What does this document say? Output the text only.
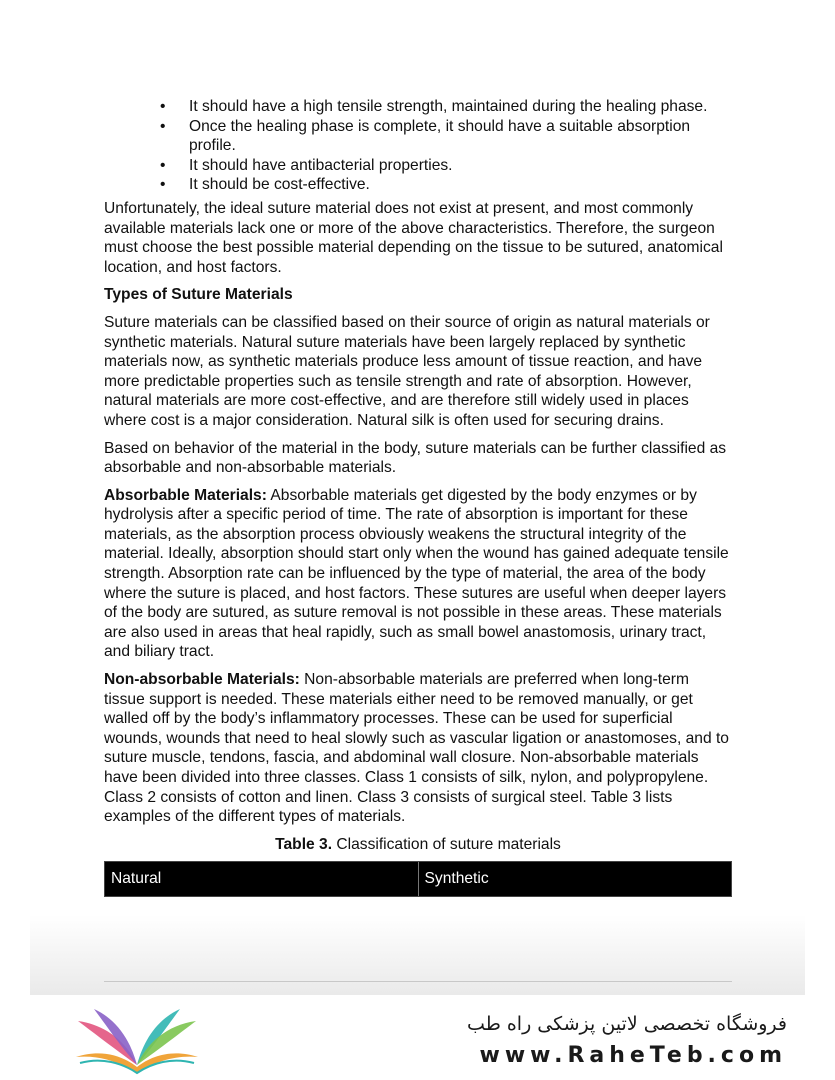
• It should have a high tensile strength, maintained during the healing phase.
• Once the healing phase is complete, it should have a suitable absorption profile.
• It should have antibacterial properties.
• It should be cost-effective.

Unfortunately, the ideal suture material does not exist at present, and most commonly available materials lack one or more of the above characteristics. Therefore, the surgeon must choose the best possible material depending on the tissue to be sutured, anatomical location, and host factors.

Types of Suture Materials

Suture materials can be classified based on their source of origin as natural materials or synthetic materials. Natural suture materials have been largely replaced by synthetic materials now, as synthetic materials produce less amount of tissue reaction, and have more predictable properties such as tensile strength and rate of absorption. However, natural materials are more cost-effective, and are therefore still widely used in places where cost is a major consideration. Natural silk is often used for securing drains.

Based on behavior of the material in the body, suture materials can be further classified as absorbable and non-absorbable materials.

Absorbable Materials: Absorbable materials get digested by the body enzymes or by hydrolysis after a specific period of time. The rate of absorption is important for these materials, as the absorption process obviously weakens the structural integrity of the material. Ideally, absorption should start only when the wound has gained adequate tensile strength. Absorption rate can be influenced by the type of material, the area of the body where the suture is placed, and host factors. These sutures are useful when deeper layers of the body are sutured, as suture removal is not possible in these areas. These materials are also used in areas that heal rapidly, such as small bowel anastomosis, urinary tract, and biliary tract.

Non-absorbable Materials: Non-absorbable materials are preferred when long-term tissue support is needed. These materials either need to be removed manually, or get walled off by the body’s inflammatory processes. These can be used for superficial wounds, wounds that need to heal slowly such as vascular ligation or anastomoses, and to suture muscle, tendons, fascia, and abdominal wall closure. Non-absorbable materials have been divided into three classes. Class 1 consists of silk, nylon, and polypropylene. Class 2 consists of cotton and linen. Class 3 consists of surgical steel. Table 3 lists examples of the different types of materials.

Table 3. Classification of suture materials
Natural	Synthetic
فروشگاه تخصصی لاتین پزشکی راه طب
www.RaheTeb.com
